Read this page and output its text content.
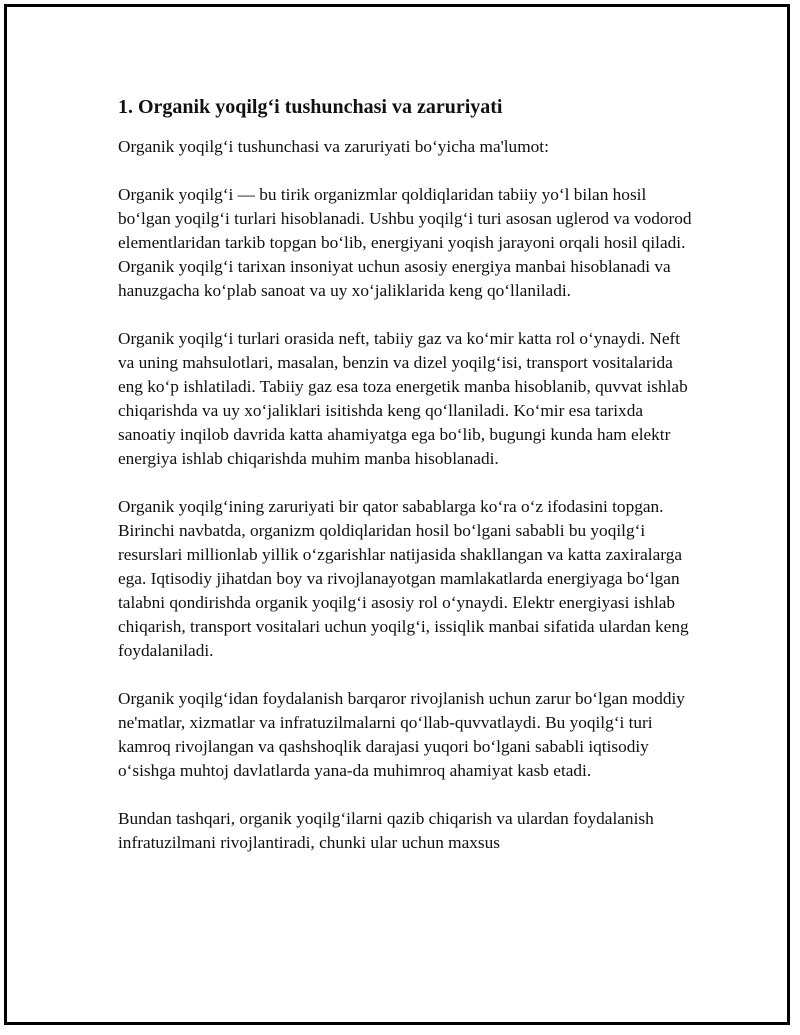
1. Organik yoqilg‘i tushunchasi va zaruriyati

Organik yoqilg‘i tushunchasi va zaruriyati bo‘yicha ma'lumot:

Organik yoqilg‘i — bu tirik organizmlar qoldiqlaridan tabiiy yo‘l bilan hosil bo‘lgan yoqilg‘i turlari hisoblanadi. Ushbu yoqilg‘i turi asosan uglerod va vodorod elementlaridan tarkib topgan bo‘lib, energiyani yoqish jarayoni orqali hosil qiladi. Organik yoqilg‘i tarixan insoniyat uchun asosiy energiya manbai hisoblanadi va hanuzgacha ko‘plab sanoat va uy xo‘jaliklarida keng qo‘llaniladi.

Organik yoqilg‘i turlari orasida neft, tabiiy gaz va ko‘mir katta rol o‘ynaydi. Neft va uning mahsulotlari, masalan, benzin va dizel yoqilg‘isi, transport vositalarida eng ko‘p ishlatiladi. Tabiiy gaz esa toza energetik manba hisoblanib, quvvat ishlab chiqarishda va uy xo‘jaliklari isitishda keng qo‘llaniladi. Ko‘mir esa tarixda sanoatiy inqilob davrida katta ahamiyatga ega bo‘lib, bugungi kunda ham elektr energiya ishlab chiqarishda muhim manba hisoblanadi.

Organik yoqilg‘ining zaruriyati bir qator sabablarga ko‘ra o‘z ifodasini topgan. Birinchi navbatda, organizm qoldiqlaridan hosil bo‘lgani sababli bu yoqilg‘i resurslari millionlab yillik o‘zgarishlar natijasida shakllangan va katta zaxiralarga ega. Iqtisodiy jihatdan boy va rivojlanayotgan mamlakatlarda energiyaga bo‘lgan talabni qondirishda organik yoqilg‘i asosiy rol o‘ynaydi. Elektr energiyasi ishlab chiqarish, transport vositalari uchun yoqilg‘i, issiqlik manbai sifatida ulardan keng foydalaniladi.

Organik yoqilg‘idan foydalanish barqaror rivojlanish uchun zarur bo‘lgan moddiy ne'matlar, xizmatlar va infratuzilmalarni qo‘llab-quvvatlaydi. Bu yoqilg‘i turi kamroq rivojlangan va qashshoqlik darajasi yuqori bo‘lgani sababli iqtisodiy o‘sishga muhtoj davlatlarda yana-da muhimroq ahamiyat kasb etadi.

Bundan tashqari, organik yoqilg‘ilarni qazib chiqarish va ulardan foydalanish infratuzilmani rivojlantiradi, chunki ular uchun maxsus
